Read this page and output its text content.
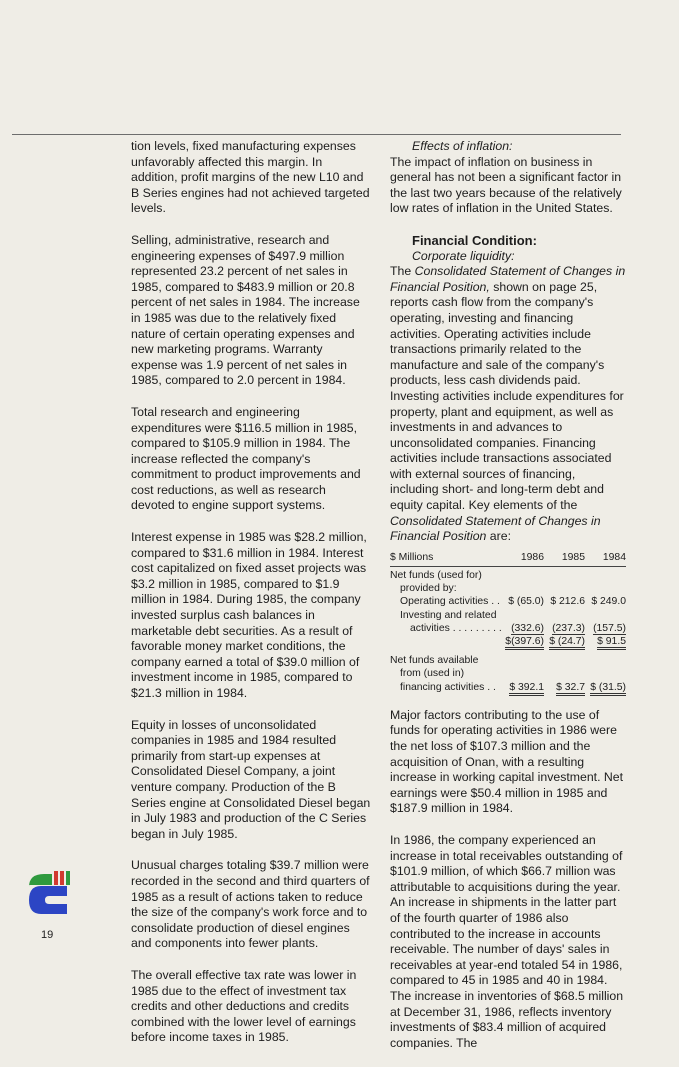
tion levels, fixed manufacturing expenses unfavorably affected this margin. In addition, profit margins of the new L10 and B Series engines had not achieved targeted levels.

Selling, administrative, research and engineering expenses of $497.9 million represented 23.2 percent of net sales in 1985, compared to $483.9 million or 20.8 percent of net sales in 1984. The increase in 1985 was due to the relatively fixed nature of certain operating expenses and new marketing programs. Warranty expense was 1.9 percent of net sales in 1985, compared to 2.0 percent in 1984.

Total research and engineering expenditures were $116.5 million in 1985, compared to $105.9 million in 1984. The increase reflected the company's commitment to product improvements and cost reductions, as well as research devoted to engine support systems.

Interest expense in 1985 was $28.2 million, compared to $31.6 million in 1984. Interest cost capitalized on fixed asset projects was $3.2 million in 1985, compared to $1.9 million in 1984. During 1985, the company invested surplus cash balances in marketable debt securities. As a result of favorable money market conditions, the company earned a total of $39.0 million of investment income in 1985, compared to $21.3 million in 1984.

Equity in losses of unconsolidated companies in 1985 and 1984 resulted primarily from start-up expenses at Consolidated Diesel Company, a joint venture company. Production of the B Series engine at Consolidated Diesel began in July 1983 and production of the C Series began in July 1985.

Unusual charges totaling $39.7 million were recorded in the second and third quarters of 1985 as a result of actions taken to reduce the size of the company's work force and to consolidate production of diesel engines and components into fewer plants.

The overall effective tax rate was lower in 1985 due to the effect of investment tax credits and other deductions and credits combined with the lower level of earnings before income taxes in 1985.

Effects of inflation:

The impact of inflation on business in general has not been a significant factor in the last two years because of the relatively low rates of inflation in the United States.

Financial Condition:
Corporate liquidity:

The Consolidated Statement of Changes in Financial Position, shown on page 25, reports cash flow from the company's operating, investing and financing activities. Operating activities include transactions primarily related to the manufacture and sale of the company's products, less cash dividends paid. Investing activities include expenditures for property, plant and equipment, as well as investments in and advances to unconsolidated companies. Financing activities include transactions associated with external sources of financing, including short- and long-term debt and equity capital. Key elements of the Consolidated Statement of Changes in Financial Position are:

$ Millions	1986	1985	1984
Net funds (used for)
provided by:
Operating activities . . $ (65.0) $ 212.6 $ 249.0
Investing and related
activities . . . . . . . . . (332.6) (237.3) (157.5)
$(397.6) $ (24.7)	$ 91.5
Net funds available
from (used in)
financing activities . .	$ 392.1	$ 32.7 $ (31.5)

Major factors contributing to the use of funds for operating activities in 1986 were the net loss of $107.3 million and the acquisition of Onan, with a resulting increase in working capital investment. Net earnings were $50.4 million in 1985 and $187.9 million in 1984.

In 1986, the company experienced an increase in total receivables outstanding of $101.9 million, of which $66.7 million was attributable to acquisitions during the year. An increase in shipments in the latter part of the fourth quarter of 1986 also contributed to the increase in accounts receivable. The number of days' sales in receivables at year-end totaled 54 in 1986, compared to 45 in 1985 and 40 in 1984. The increase in inventories of $68.5 million at December 31, 1986, reflects inventory investments of $83.4 million of acquired companies. The

19
